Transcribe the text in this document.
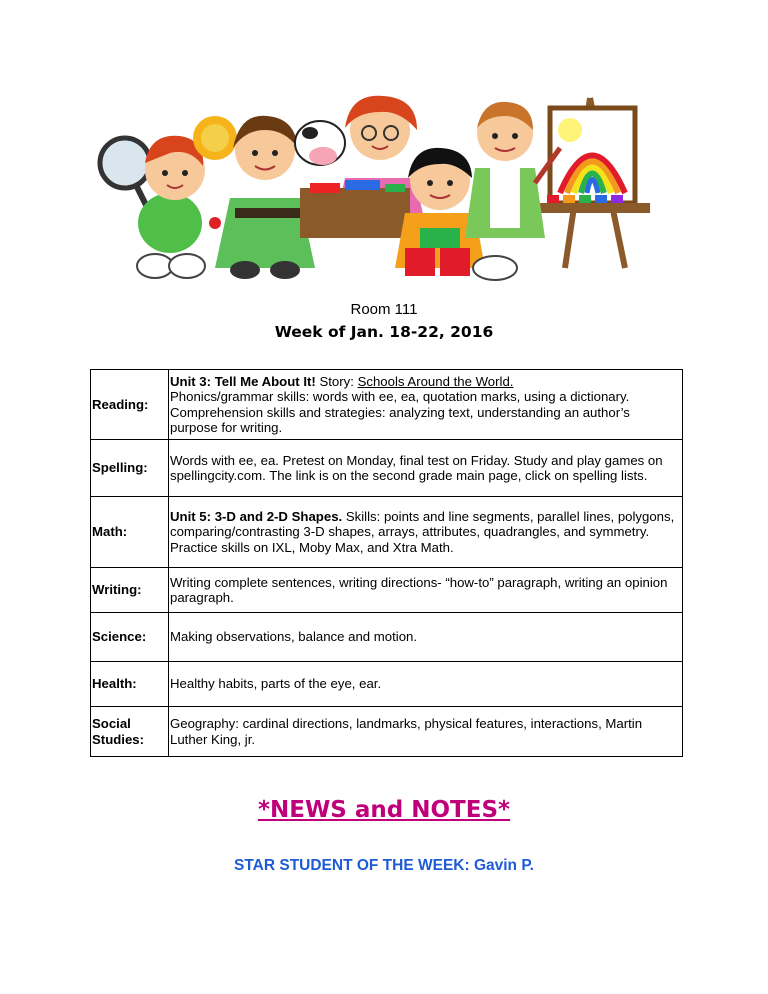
Room 111
Week of Jan. 18-22, 2016
Reading:	Unit 3: Tell Me About It! Story: Schools Around the World.
Phonics/grammar skills: words with ee, ea, quotation marks, using a dictionary. Comprehension skills and strategies: analyzing text, understanding an author’s purpose for writing.
Spelling:	Words with ee, ea. Pretest on Monday, final test on Friday. Study and play games on spellingcity.com. The link is on the second grade main page, click on spelling lists.
Math:	Unit 5: 3-D and 2-D Shapes. Skills: points and line segments, parallel lines, polygons, comparing/contrasting 3-D shapes, arrays, attributes, quadrangles, and symmetry.
Practice skills on IXL, Moby Max, and Xtra Math.
Writing:	Writing complete sentences, writing directions- “how-to” paragraph, writing an opinion paragraph.
Science:	Making observations, balance and motion.
Health:	Healthy habits, parts of the eye, ear.
Social Studies:	Geography: cardinal directions, landmarks, physical features, interactions, Martin Luther King, jr.
*NEWS and NOTES*
STAR STUDENT OF THE WEEK: Gavin P.
